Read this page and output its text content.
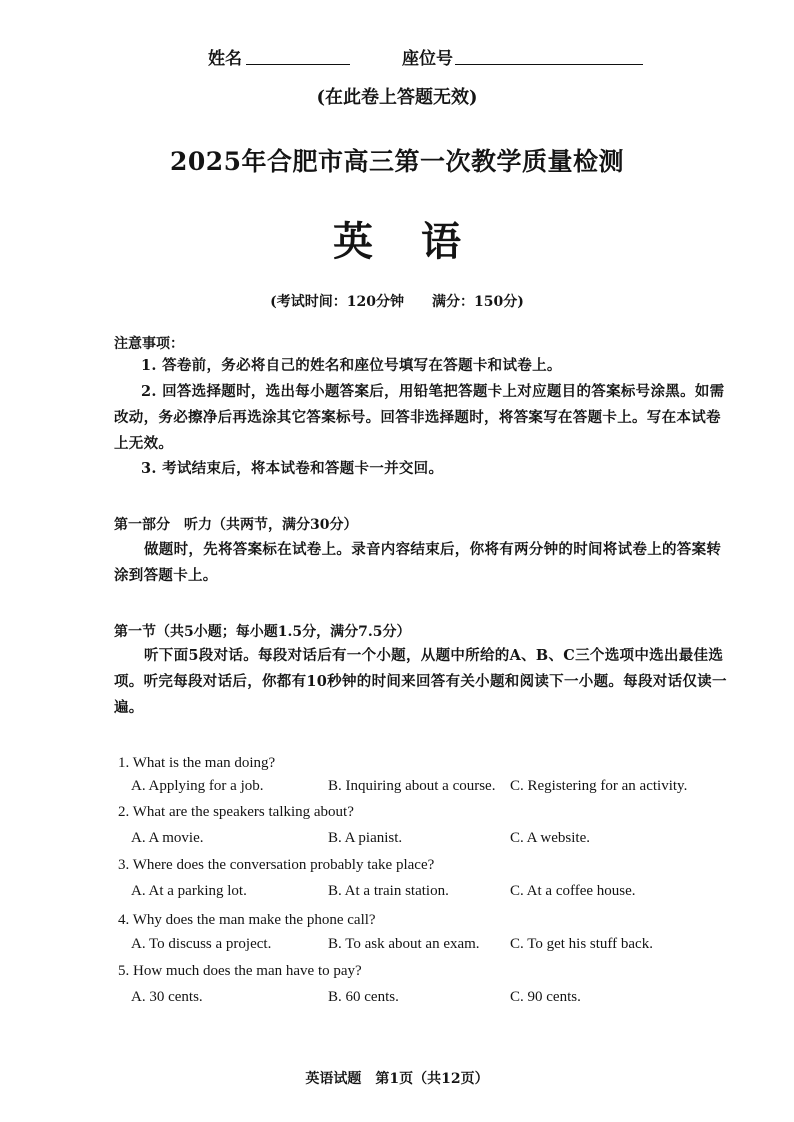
姓名	座位号
(在此卷上答题无效)
2025年合肥市高三第一次教学质量检测
英语
(考试时间：120分钟　　满分：150分)
注意事项：
1. 答卷前，务必将自己的姓名和座位号填写在答题卡和试卷上。
2. 回答选择题时，选出每小题答案后，用铅笔把答题卡上对应题目的答案标号涂黑。如需改动，务必擦净后再选涂其它答案标号。回答非选择题时，将答案写在答题卡上。写在本试卷上无效。
3. 考试结束后，将本试卷和答题卡一并交回。
第一部分　听力（共两节，满分30分）
做题时，先将答案标在试卷上。录音内容结束后，你将有两分钟的时间将试卷上的答案转涂到答题卡上。
第一节（共5小题；每小题1.5分，满分7.5分）
听下面5段对话。每段对话后有一个小题，从题中所给的A、B、C三个选项中选出最佳选项。听完每段对话后，你都有10秒钟的时间来回答有关小题和阅读下一小题。每段对话仅读一遍。
1. What is the man doing?
A. Applying for a job.	B. Inquiring about a course. C. Registering for an activity.
2. What are the speakers talking about?
A. A movie.	B. A pianist.	C. A website.
3. Where does the conversation probably take place?
A. At a parking lot.	B. At a train station.	C. At a coffee house.
4. Why does the man make the phone call?
A. To discuss a project.	B. To ask about an exam. C. To get his stuff back.
5. How much does the man have to pay?
A. 30 cents.	B. 60 cents.	C. 90 cents.
英语试题　第1页（共12页）
